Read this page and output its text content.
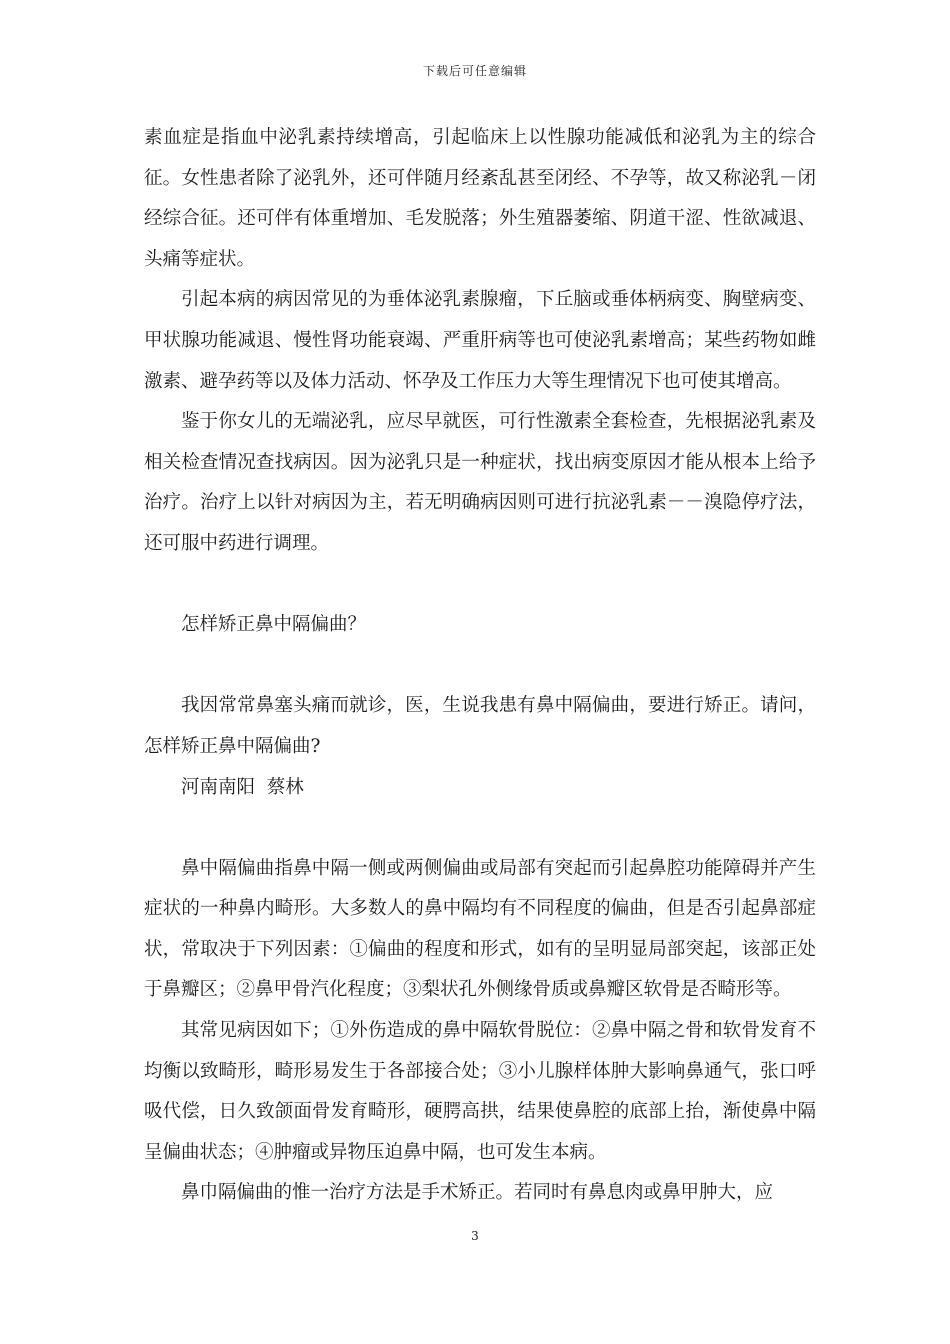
下载后可任意编辑

素血症是指血中泌乳素持续增高，引起临床上以性腺功能减低和泌乳为主的综合征。女性患者除了泌乳外，还可伴随月经紊乱甚至闭经、不孕等，故又称泌乳－闭经综合征。还可伴有体重增加、毛发脱落；外生殖器萎缩、阴道干涩、性欲减退、头痛等症状。

引起本病的病因常见的为垂体泌乳素腺瘤，下丘脑或垂体柄病变、胸壁病变、甲状腺功能减退、慢性肾功能衰竭、严重肝病等也可使泌乳素增高；某些药物如雌激素、避孕药等以及体力活动、怀孕及工作压力大等生理情况下也可使其增高。

鉴于你女儿的无端泌乳，应尽早就医，可行性激素全套检查，先根据泌乳素及相关检查情况查找病因。因为泌乳只是一种症状，找出病变原因才能从根本上给予治疗。治疗上以针对病因为主，若无明确病因则可进行抗泌乳素－－溴隐停疗法，还可服中药进行调理。

怎样矫正鼻中隔偏曲？

我因常常鼻塞头痛而就诊，医，生说我患有鼻中隔偏曲，要进行矫正。请问，怎样矫正鼻中隔偏曲?

河南南阳  蔡林

鼻中隔偏曲指鼻中隔一侧或两侧偏曲或局部有突起而引起鼻腔功能障碍并产生症状的一种鼻内畸形。大多数人的鼻中隔均有不同程度的偏曲，但是否引起鼻部症状，常取决于下列因素：①偏曲的程度和形式，如有的呈明显局部突起，该部正处于鼻瓣区；②鼻甲骨汽化程度；③梨状孔外侧缘骨质或鼻瓣区软骨是否畸形等。

其常见病因如下；①外伤造成的鼻中隔软骨脱位：②鼻中隔之骨和软骨发育不均衡以致畸形，畸形易发生于各部接合处；③小儿腺样体肿大影响鼻通气，张口呼吸代偿，日久致颌面骨发育畸形，硬腭高拱，结果使鼻腔的底部上抬，渐使鼻中隔呈偏曲状态；④肿瘤或异物压迫鼻中隔，也可发生本病。

鼻巾隔偏曲的惟一治疗方法是手术矫正。若同时有鼻息肉或鼻甲肿大，应

3
